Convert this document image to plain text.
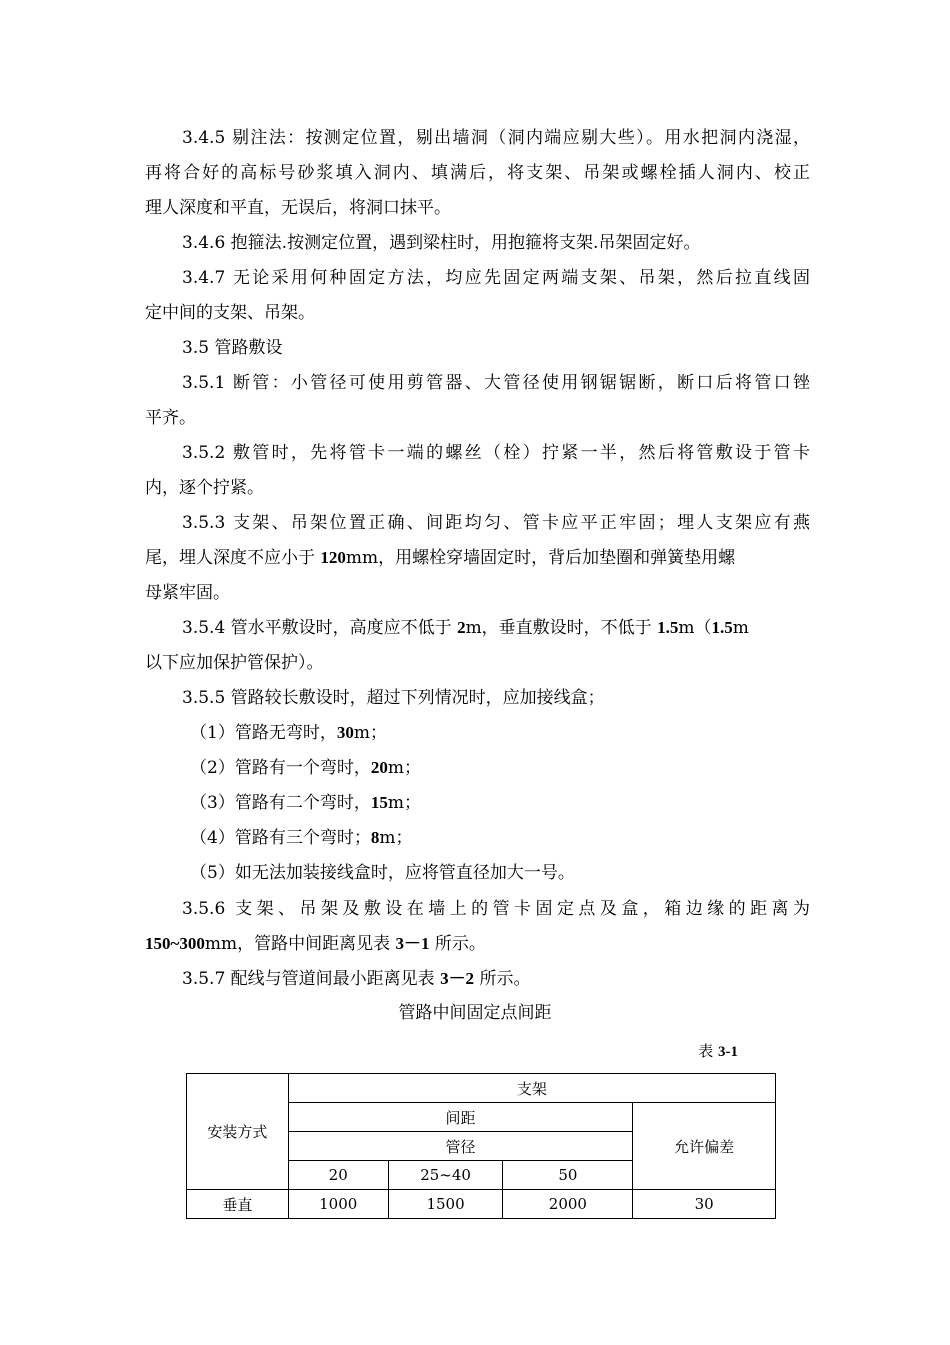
3.4.5 剔注法：按测定位置，剔出墙洞（洞内端应剔大些）。用水把洞内浇湿，
再将合好的高标号砂浆填入洞内、填满后，将支架、吊架或螺栓插人洞内、校正
理人深度和平直，无误后，将洞口抹平。
3.4.6 抱箍法.按测定位置，遇到梁柱时，用抱箍将支架.吊架固定好。
3.4.7 无论采用何种固定方法，均应先固定两端支架、吊架，然后拉直线固
定中间的支架、吊架。
3.5 管路敷设
3.5.1 断管：小管径可使用剪管器、大管径使用钢锯锯断，断口后将管口锉
平齐。
3.5.2 敷管时，先将管卡一端的螺丝（栓）拧紧一半，然后将管敷设于管卡
内，逐个拧紧。
3.5.3 支架、吊架位置正确、间距均匀、管卡应平正牢固；埋人支架应有燕
尾，埋人深度不应小于 120mm，用螺栓穿墙固定时，背后加垫圈和弹簧垫用螺
母紧牢固。
3.5.4 管水平敷设时，高度应不低于 2m，垂直敷设时，不低于 1.5m（1.5m
以下应加保护管保护）。
3.5.5 管路较长敷设时，超过下列情况时，应加接线盒；
（1）管路无弯时，30m；
（2）管路有一个弯时，20m；
（3）管路有二个弯时，15m；
（4）管路有三个弯时；8m；
（5）如无法加装接线盒时，应将管直径加大一号。
3.5.6 支架、吊架及敷设在墙上的管卡固定点及盒，箱边缘的距离为
150~300mm，管路中间距离见表 3－1 所示。
3.5.7 配线与管道间最小距离见表 3－2 所示。
管路中间固定点间距
表 3-1
安装方式	支架			
	间距			允许偏差
	管径			
	20	25~40	50	
垂直	1000	1500	2000	30
